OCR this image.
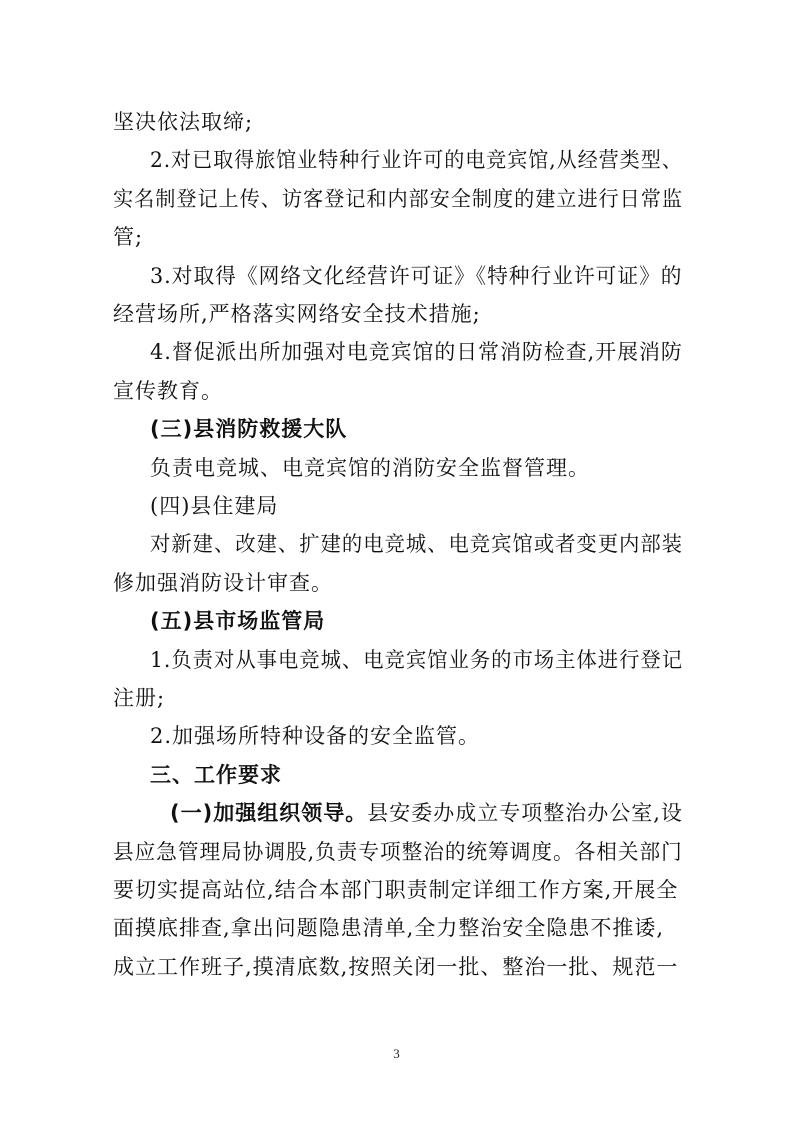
坚决依法取缔;
2.对已取得旅馆业特种行业许可的电竞宾馆,从经营类型、
实名制登记上传、访客登记和内部安全制度的建立进行日常监
管;
3.对取得《网络文化经营许可证》《特种行业许可证》的
经营场所,严格落实网络安全技术措施;
4.督促派出所加强对电竞宾馆的日常消防检查,开展消防
宣传教育。
(三)县消防救援大队
负责电竞城、电竞宾馆的消防安全监督管理。
(四)县住建局
对新建、改建、扩建的电竞城、电竞宾馆或者变更内部装
修加强消防设计审查。
(五)县市场监管局
1.负责对从事电竞城、电竞宾馆业务的市场主体进行登记
注册;
2.加强场所特种设备的安全监管。
三、工作要求
(一)加强组织领导。县安委办成立专项整治办公室,设
县应急管理局协调股,负责专项整治的统筹调度。各相关部门
要切实提高站位,结合本部门职责制定详细工作方案,开展全
面摸底排查,拿出问题隐患清单,全力整治安全隐患不推诿,
成立工作班子,摸清底数,按照关闭一批、整治一批、规范一
3
